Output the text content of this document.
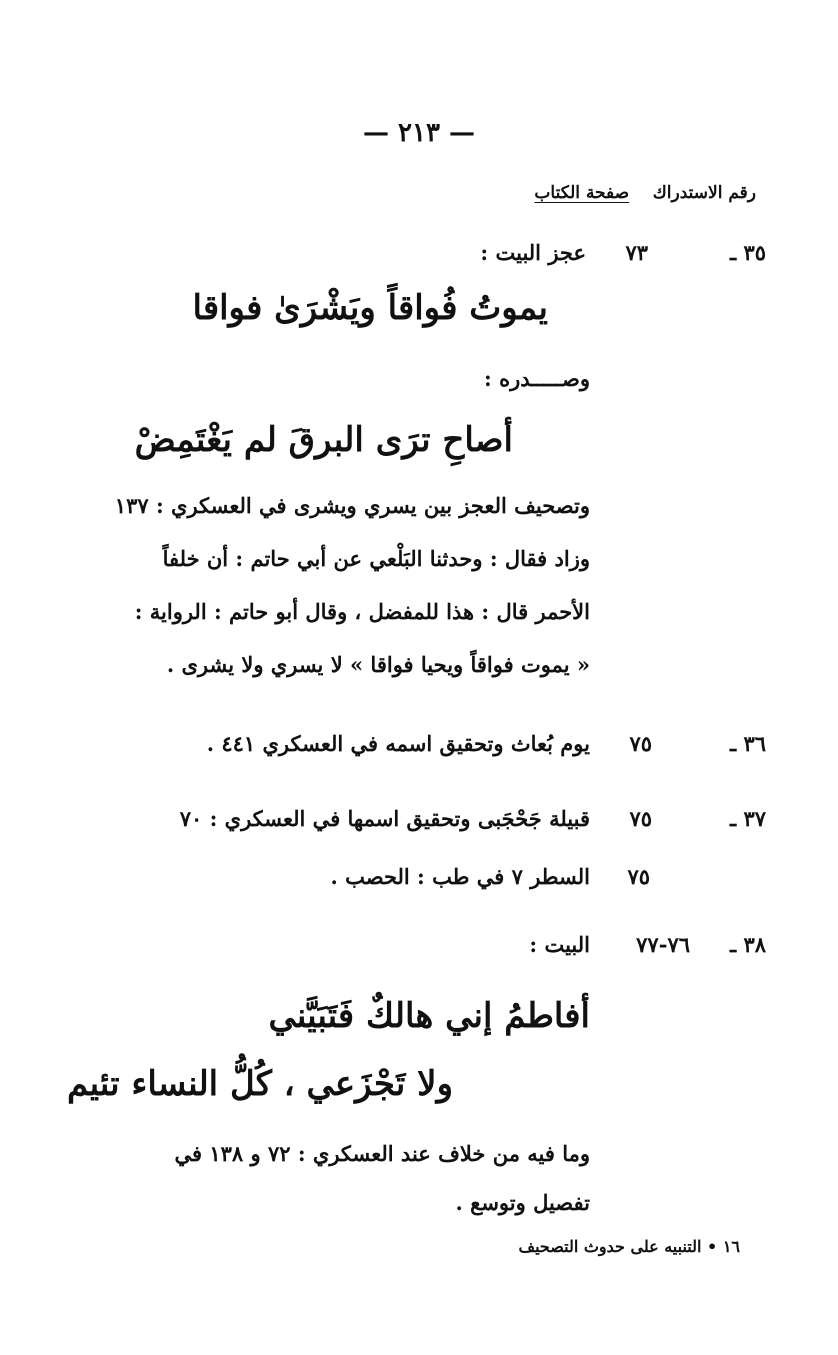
— ٢١٣ —
رقم الاستدراك    صفحة الكتاب
٣٥ ـ
٧٣
عجز البيت :
يموتُ فُواقاً ويَشْرَىٰ فواقا
وصـــــدره :
أصاحِ ترَى البرقَ لم يَغْتَمِضْ
وتصحيف العجز بين يسري ويشرى في العسكري : ١٣٧
وزاد فقال : وحدثنا البَلْعي عن أبي حاتم : أن خلفاً
الأحمر قال : هذا للمفضل ، وقال أبو حاتم : الرواية :
« يموت فواقاً ويحيا فواقا » لا يسري ولا يشرى .
٣٦ ـ
٧٥
يوم بُعاث وتحقيق اسمه في العسكري ٤٤١ .
٣٧ ـ
٧٥
قبيلة جَحْجَبى وتحقيق اسمها في العسكري : ٧٠
٧٥
السطر ٧ في طب : الحصب .
٣٨ ـ
٧٦-٧٧
البيت :
أفاطمُ إني هالكٌ فَتَبَيَّني
ولا تَجْزَعي ، كُلُّ النساء تئيم
وما فيه من خلاف عند العسكري : ٧٢ و ١٣٨ في
تفصيل وتوسع .
١٦ • التنبيه على حدوث التصحيف
